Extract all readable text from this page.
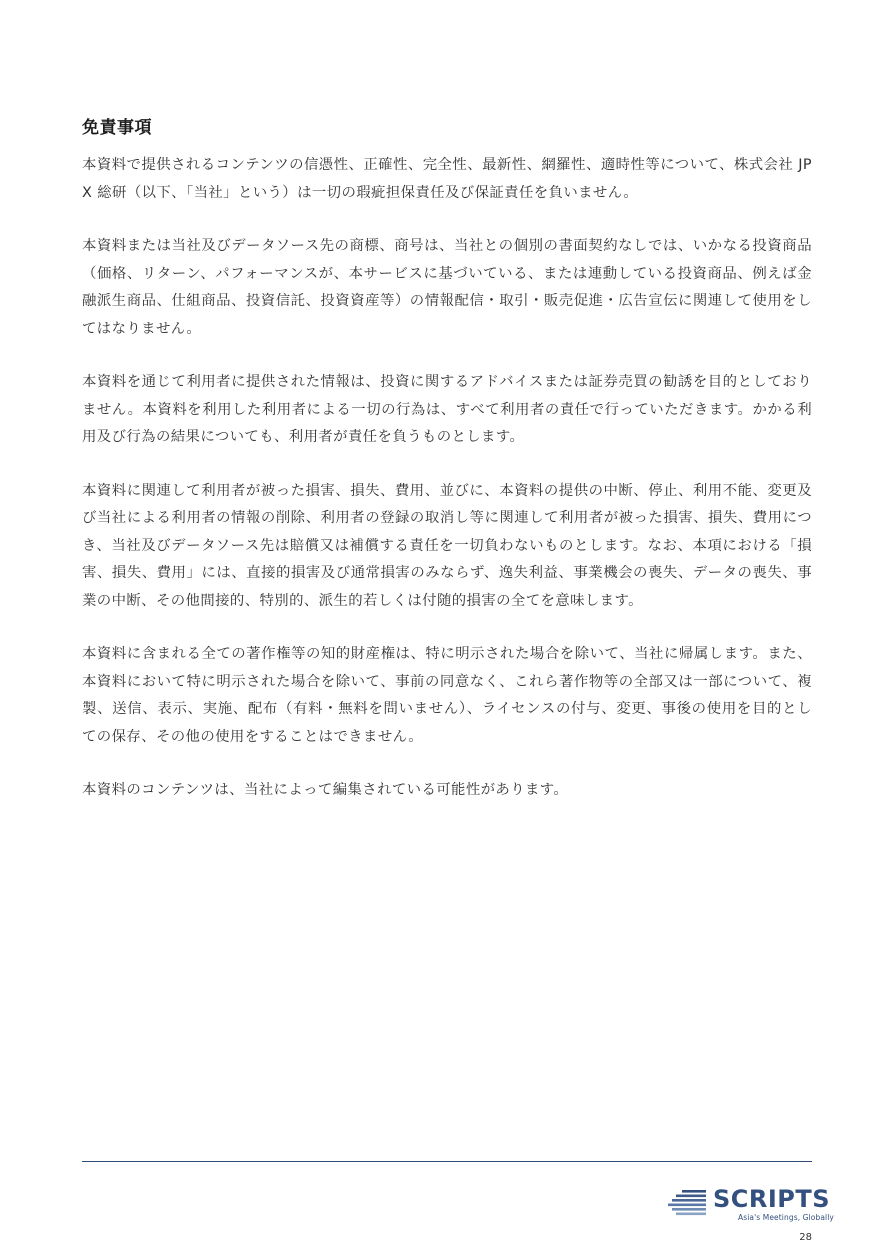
免責事項

本資料で提供されるコンテンツの信憑性、正確性、完全性、最新性、網羅性、適時性等について、株式会社 JPX 総研（以下、「当社」という）は一切の瑕疵担保責任及び保証責任を負いません。

本資料または当社及びデータソース先の商標、商号は、当社との個別の書面契約なしでは、いかなる投資商品（価格、リターン、パフォーマンスが、本サービスに基づいている、または連動している投資商品、例えば金融派生商品、仕組商品、投資信託、投資資産等）の情報配信・取引・販売促進・広告宣伝に関連して使用をしてはなりません。

本資料を通じて利用者に提供された情報は、投資に関するアドバイスまたは証券売買の勧誘を目的としておりません。本資料を利用した利用者による一切の行為は、すべて利用者の責任で行っていただきます。かかる利用及び行為の結果についても、利用者が責任を負うものとします。

本資料に関連して利用者が被った損害、損失、費用、並びに、本資料の提供の中断、停止、利用不能、変更及び当社による利用者の情報の削除、利用者の登録の取消し等に関連して利用者が被った損害、損失、費用につき、当社及びデータソース先は賠償又は補償する責任を一切負わないものとします。なお、本項における「損害、損失、費用」には、直接的損害及び通常損害のみならず、逸失利益、事業機会の喪失、データの喪失、事業の中断、その他間接的、特別的、派生的若しくは付随的損害の全てを意味します。

本資料に含まれる全ての著作権等の知的財産権は、特に明示された場合を除いて、当社に帰属します。また、本資料において特に明示された場合を除いて、事前の同意なく、これら著作物等の全部又は一部について、複製、送信、表示、実施、配布（有料・無料を問いません）、ライセンスの付与、変更、事後の使用を目的としての保存、その他の使用をすることはできません。

本資料のコンテンツは、当社によって編集されている可能性があります。

SCRIPTS
Asia's Meetings, Globally
28
